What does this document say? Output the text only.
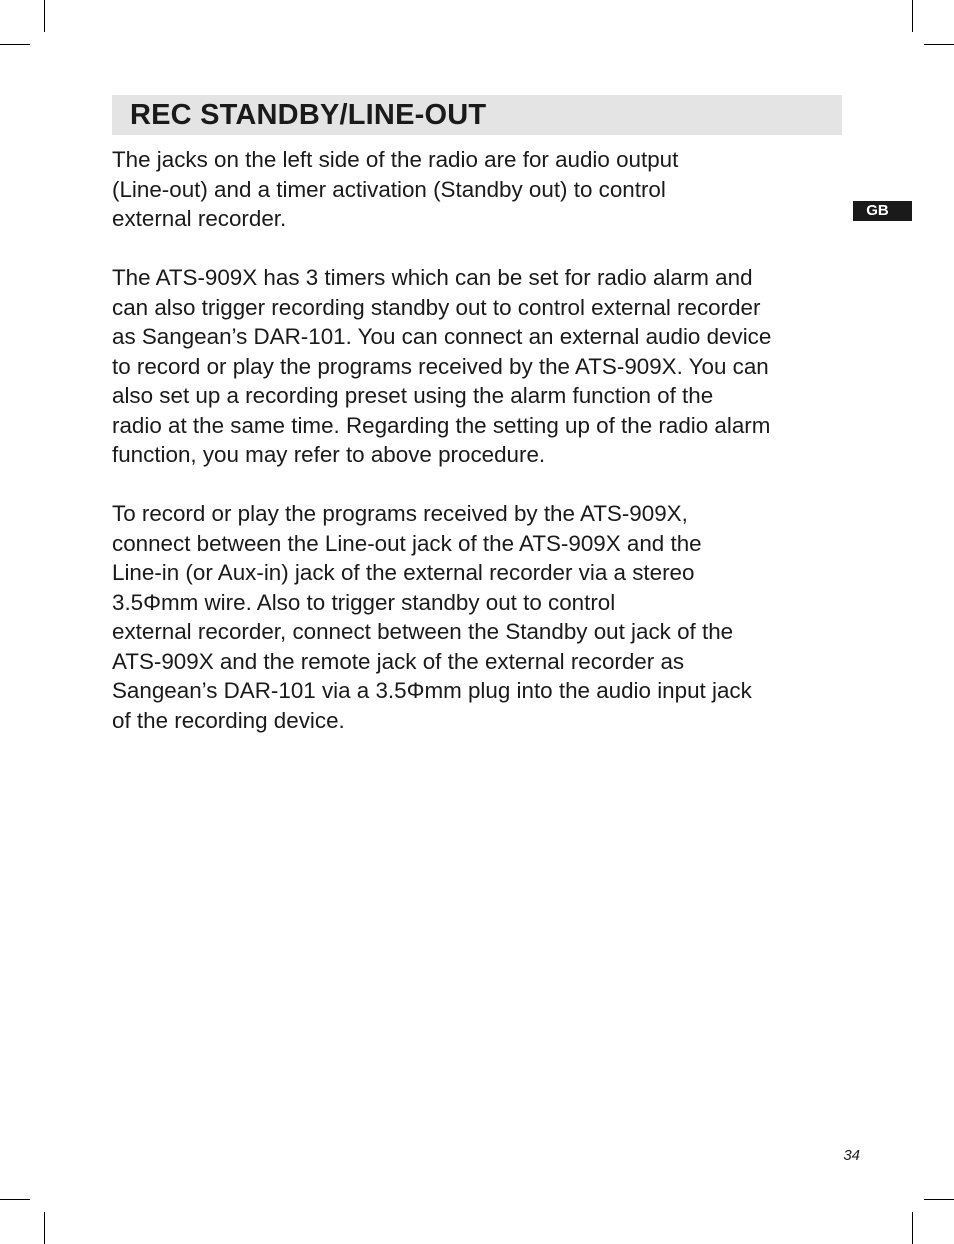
REC STANDBY/LINE-OUT
GB

The jacks on the left side of the radio are for audio output
(Line-out) and a timer activation (Standby out) to control
external recorder.

The ATS-909X has 3 timers which can be set for radio alarm and
can also trigger recording standby out to control external recorder
as Sangean’s DAR-101. You can connect an external audio device
to record or play the programs received by the ATS-909X. You can
also set up a recording preset using the alarm function of the
radio at the same time. Regarding the setting up of the radio alarm
function, you may refer to above procedure.

To record or play the programs received by the ATS-909X,
connect between the Line-out jack of the ATS-909X and the
Line-in (or Aux-in) jack of the external recorder via a stereo
3.5Φmm wire. Also to trigger standby out to control
external recorder, connect between the Standby out jack of the
ATS-909X and the remote jack of the external recorder as
Sangean’s DAR-101 via a 3.5Φmm plug into the audio input jack
of the recording device.

34
